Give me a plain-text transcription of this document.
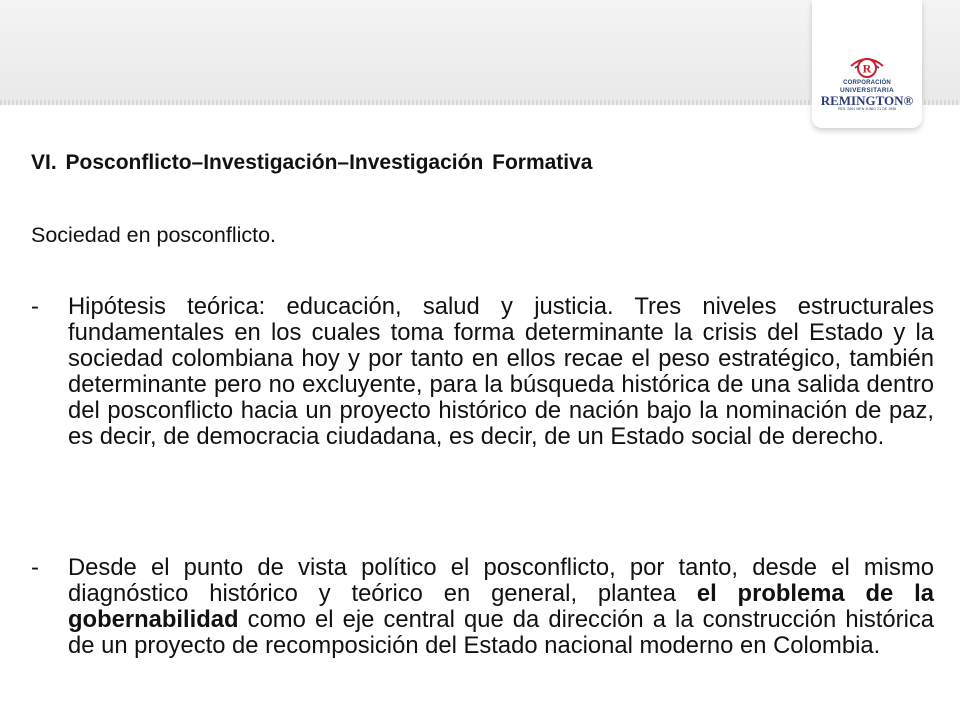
R
CORPORACIÓN
UNIVERSITARIA
REMINGTON®
RES. 2661 MEN JUNIO 21 DE 1996
VI. Posconflicto–Investigación–Investigación Formativa
Sociedad en posconflicto.
-	Hipótesis teórica: educación, salud y justicia. Tres niveles estructurales fundamentales en los cuales toma forma determinante la crisis del Estado y la sociedad colombiana hoy y por tanto en ellos recae el peso estratégico, también determinante pero no excluyente, para la búsqueda histórica de una salida dentro del posconflicto hacia un proyecto histórico de nación bajo la nominación de paz, es decir, de democracia ciudadana, es decir, de un Estado social de derecho.
-	Desde el punto de vista político el posconflicto, por tanto, desde el mismo diagnóstico histórico y teórico en general, plantea el problema de la gobernabilidad como el eje central que da dirección a la construcción histórica de un proyecto de recomposición del Estado nacional moderno en Colombia.
